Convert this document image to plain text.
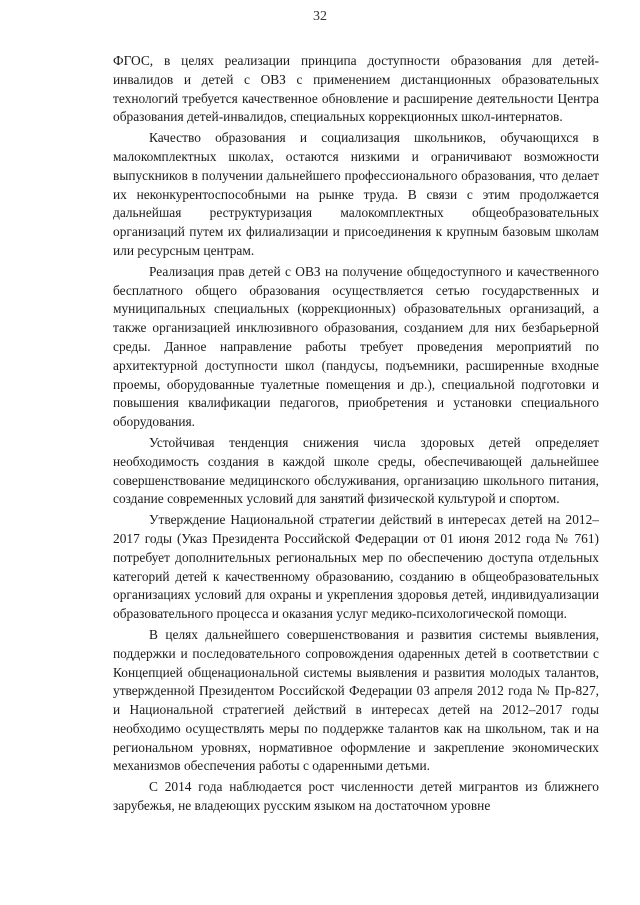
32

ФГОС, в целях реализации принципа доступности образования для детей-инвалидов и детей с ОВЗ с применением дистанционных образовательных технологий требуется качественное обновление и расширение деятельности Центра образования детей-инвалидов, специальных коррекционных школ-интернатов.

Качество образования и социализация школьников, обучающихся в малокомплектных школах, остаются низкими и ограничивают возможности выпускников в получении дальнейшего профессионального образования, что делает их неконкурентоспособными на рынке труда. В связи с этим продолжается дальнейшая реструктуризация малокомплектных общеобразовательных организаций путем их филиализации и присоединения к крупным базовым школам или ресурсным центрам.

Реализация прав детей с ОВЗ на получение общедоступного и качественного бесплатного общего образования осуществляется сетью государственных и муниципальных специальных (коррекционных) образовательных организаций, а также организацией инклюзивного образования, созданием для них безбарьерной среды. Данное направление работы требует проведения мероприятий по архитектурной доступности школ (пандусы, подъемники, расширенные входные проемы, оборудованные туалетные помещения и др.), специальной подготовки и повышения квалификации педагогов, приобретения и установки специального оборудования.

Устойчивая тенденция снижения числа здоровых детей определяет необходимость создания в каждой школе среды, обеспечивающей дальнейшее совершенствование медицинского обслуживания, организацию школьного питания, создание современных условий для занятий физической культурой и спортом.

Утверждение Национальной стратегии действий в интересах детей на 2012–2017 годы (Указ Президента Российской Федерации от 01 июня 2012 года № 761) потребует дополнительных региональных мер по обеспечению доступа отдельных категорий детей к качественному образованию, созданию в общеобразовательных организациях условий для охраны и укрепления здоровья детей, индивидуализации образовательного процесса и оказания услуг медико-психологической помощи.

В целях дальнейшего совершенствования и развития системы выявления, поддержки и последовательного сопровождения одаренных детей в соответствии с Концепцией общенациональной системы выявления и развития молодых талантов, утвержденной Президентом Российской Федерации 03 апреля 2012 года № Пр-827, и Национальной стратегией действий в интересах детей на 2012–2017 годы необходимо осуществлять меры по поддержке талантов как на школьном, так и на региональном уровнях, нормативное оформление и закрепление экономических механизмов обеспечения работы с одаренными детьми.

С 2014 года наблюдается рост численности детей мигрантов из ближнего зарубежья, не владеющих русским языком на достаточном уровне
